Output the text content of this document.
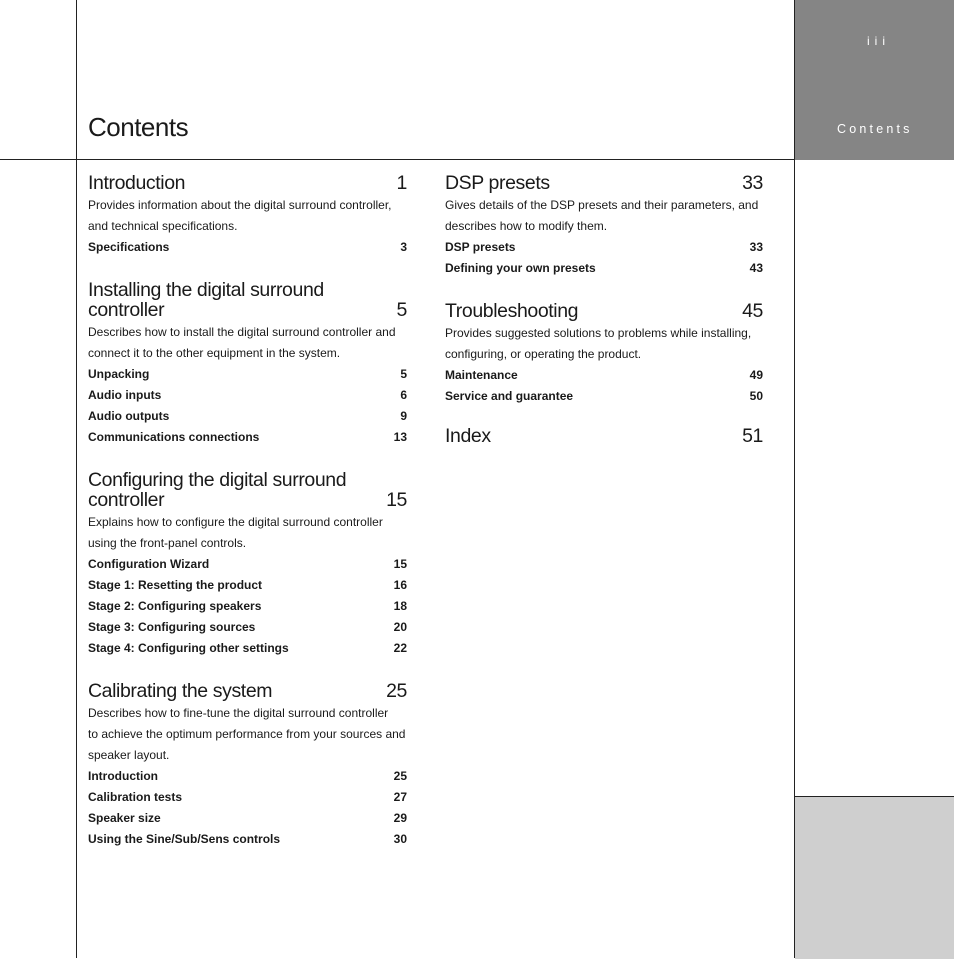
iii
Contents
Contents
Introduction	1
Provides information about the digital surround controller,
and technical specifications.
Specifications	3
Installing the digital surround controller	5
Describes how to install the digital surround controller and
connect it to the other equipment in the system.
Unpacking	5
Audio inputs	6
Audio outputs	9
Communications connections	13
Configuring the digital surround controller	15
Explains how to configure the digital surround controller
using the front-panel controls.
Configuration Wizard	15
Stage 1: Resetting the product	16
Stage 2: Configuring speakers	18
Stage 3: Configuring sources	20
Stage 4: Configuring other settings	22
Calibrating the system	25
Describes how to fine-tune the digital surround controller
to achieve the optimum performance from your sources and
speaker layout.
Introduction	25
Calibration tests	27
Speaker size	29
Using the Sine/Sub/Sens controls	30
DSP presets	33
Gives details of the DSP presets and their parameters, and
describes how to modify them.
DSP presets	33
Defining your own presets	43
Troubleshooting	45
Provides suggested solutions to problems while installing,
configuring, or operating the product.
Maintenance	49
Service and guarantee	50
Index	51
